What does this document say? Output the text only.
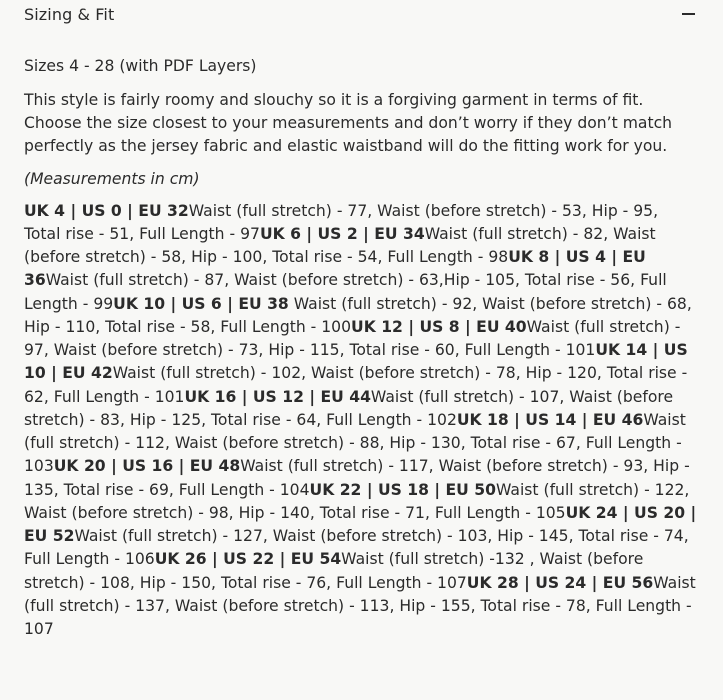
Sizing & Fit
Sizes 4 - 28 (with PDF Layers)
This style is fairly roomy and slouchy so it is a forgiving garment in terms of fit. Choose the size closest to your measurements and don’t worry if they don’t match perfectly as the jersey fabric and elastic waistband will do the fitting work for you.
(Measurements in cm)
UK 4 | US 0 | EU 32Waist (full stretch) - 77, Waist (before stretch) - 53, Hip - 95, Total rise - 51, Full Length - 97UK 6 | US 2 | EU 34Waist (full stretch) - 82, Waist (before stretch) - 58, Hip - 100, Total rise - 54, Full Length - 98UK 8 | US 4 | EU 36Waist (full stretch) - 87, Waist (before stretch) - 63,Hip - 105, Total rise - 56, Full Length - 99UK 10 | US 6 | EU 38 Waist (full stretch) - 92, Waist (before stretch) - 68, Hip - 110, Total rise - 58, Full Length - 100UK 12 | US 8 | EU 40Waist (full stretch) - 97, Waist (before stretch) - 73, Hip - 115, Total rise - 60, Full Length - 101UK 14 | US 10 | EU 42Waist (full stretch) - 102, Waist (before stretch) - 78, Hip - 120, Total rise - 62, Full Length - 101UK 16 | US 12 | EU 44Waist (full stretch) - 107, Waist (before stretch) - 83, Hip - 125, Total rise - 64, Full Length - 102UK 18 | US 14 | EU 46Waist (full stretch) - 112, Waist (before stretch) - 88, Hip - 130, Total rise - 67, Full Length - 103UK 20 | US 16 | EU 48Waist (full stretch) - 117, Waist (before stretch) - 93, Hip - 135, Total rise - 69, Full Length - 104UK 22 | US 18 | EU 50Waist (full stretch) - 122, Waist (before stretch) - 98, Hip - 140, Total rise - 71, Full Length - 105UK 24 | US 20 | EU 52Waist (full stretch) - 127, Waist (before stretch) - 103, Hip - 145, Total rise - 74, Full Length - 106UK 26 | US 22 | EU 54Waist (full stretch) -132 , Waist (before stretch) - 108, Hip - 150, Total rise - 76, Full Length - 107UK 28 | US 24 | EU 56Waist (full stretch) - 137, Waist (before stretch) - 113, Hip - 155, Total rise - 78, Full Length - 107
